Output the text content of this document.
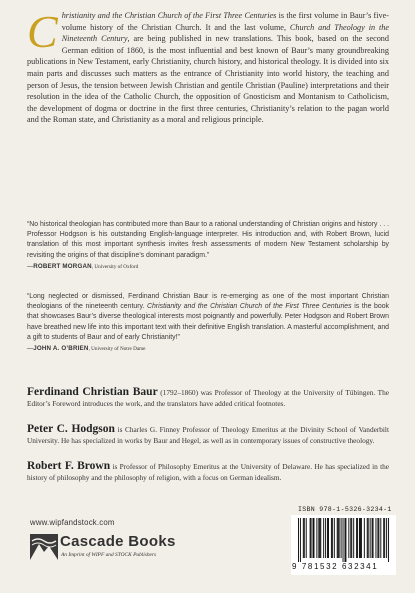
Christianity and the Christian Church of the First Three Centuries is the first volume in Baur’s five-volume history of the Christian Church. It and the last volume, Church and Theology in the Nineteenth Century, are being published in new translations. This book, based on the second German edition of 1860, is the most influential and best known of Baur’s many groundbreaking publications in New Testament, early Christianity, church history, and historical theology. It is divided into six main parts and discusses such matters as the entrance of Christianity into world history, the teaching and person of Jesus, the tension between Jewish Christian and gentile Christian (Pauline) interpretations and their resolution in the idea of the Catholic Church, the opposition of Gnosticism and Montanism to Catholicism, the development of dogma or doctrine in the first three centuries, Christianity’s relation to the pagan world and the Roman state, and Christianity as a moral and religious principle.
“No historical theologian has contributed more than Baur to a rational understanding of Christian origins and history . . . Professor Hodgson is his outstanding English-language interpreter. His introduction and, with Robert Brown, lucid translation of this most important synthesis invites fresh assessments of modern New Testament scholarship by revisiting the origins of that discipline’s dominant paradigm.”
—ROBERT MORGAN, University of Oxford
“Long neglected or dismissed, Ferdinand Christian Baur is re-emerging as one of the most important Christian theologians of the nineteenth century. Christianity and the Christian Church of the First Three Centuries is the book that showcases Baur’s diverse theological interests most poignantly and powerfully. Peter Hodgson and Robert Brown have breathed new life into this important text with their definitive English translation. A masterful accomplishment, and a gift to students of Baur and of early Christianity!”
—JOHN A. O’BRIEN, University of Notre Dame
Ferdinand Christian Baur (1792–1860) was Professor of Theology at the University of Tübingen. The Editor’s Foreword introduces the work, and the translators have added critical footnotes.
Peter C. Hodgson is Charles G. Finney Professor of Theology Emeritus at the Divinity School of Vanderbilt University. He has specialized in works by Baur and Hegel, as well as in contemporary issues of constructive theology.
Robert F. Brown is Professor of Philosophy Emeritus at the University of Delaware. He has specialized in the history of philosophy and the philosophy of religion, with a focus on German idealism.
www.wipfandstock.com
Cascade Books
An Imprint of WIPF and STOCK Publishers
ISBN 978-1-5326-3234-1
9 781532 632341
